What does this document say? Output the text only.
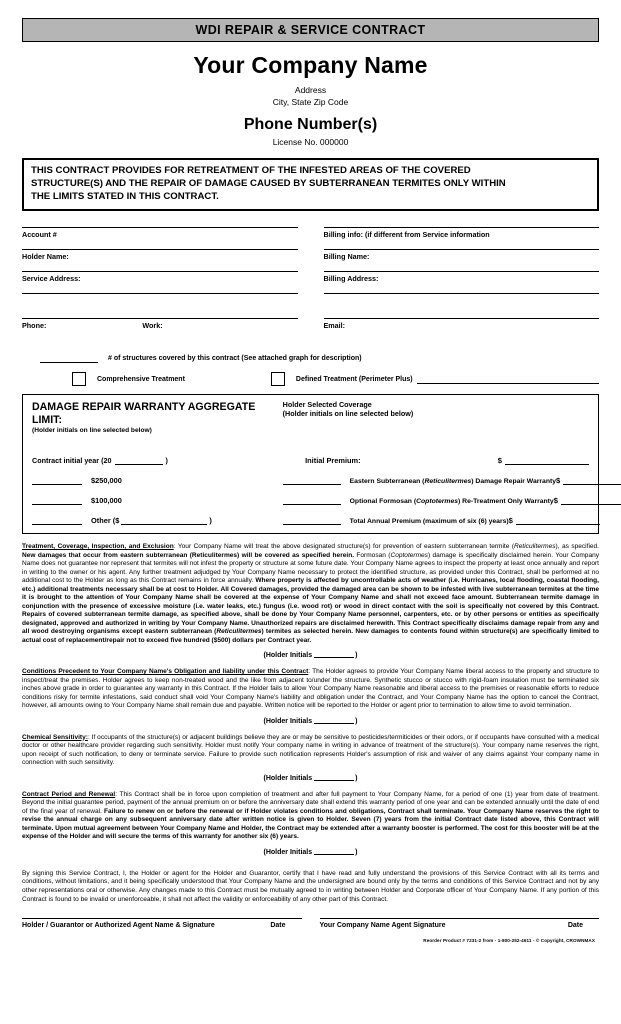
WDI REPAIR & SERVICE CONTRACT
Your Company Name
Address
City, State Zip Code
Phone Number(s)
License No. 000000
THIS CONTRACT PROVIDES FOR RETREATMENT OF THE INFESTED AREAS OF THE COVERED
STRUCTURE(S) AND THE REPAIR OF DAMAGE CAUSED BY SUBTERRANEAN TERMITES ONLY WITHIN
THE LIMITS STATED IN THIS CONTRACT.
Account #
Holder Name:
Service Address:
Phone:	Work:
Billing info: (if different from Service information
Billing Name:
Billing Address:
Email:
# of structures covered by this contract (See attached graph for description)
Comprehensive Treatment	Defined Treatment (Perimeter Plus)
DAMAGE REPAIR WARRANTY AGGREGATE LIMIT:
(Holder initials on line selected below)
Holder Selected Coverage
(Holder initials on line selected below)
Contract initial year (20	)	Initial Premium:	$
$250,000	Eastern Subterranean (Reticulitermes) Damage Repair Warranty $
$100,000	Optional Formosan (Coptotermes) Re-Treatment Only Warranty $
Other ($	)	Total Annual Premium (maximum of six (6) years) $
Treatment, Coverage, Inspection, and Exclusion: Your Company Name will treat the above designated structure(s) for prevention of eastern subterranean termite (Reticulitermes), as specified. New damages that occur from eastern subterranean (Reticulitermes) will be covered as specified herein. Formosan (Coptotermes) damage is specifically disclaimed herein. Your Company Name does not guarantee nor represent that termites will not infest the property or structure at some future date. Your Company Name agrees to inspect the property at least once annually and report in writing to the owner or his agent. Any further treatment adjudged by Your Company Name necessary to protect the identified structure, as provided under this Contract, shall be performed at no additional cost to the Holder as long as this Contract remains in force annually. Where property is affected by uncontrollable acts of weather (i.e. Hurricanes, local flooding, coastal flooding, etc.) additional treatments necessary shall be at cost to Holder. All Covered damages, provided the damaged area can be shown to be infested with live subterranean termites at the time it is brought to the attention of Your Company Name shall be covered at the expense of Your Company Name and shall not exceed face amount. Subterranean termite damage in conjunction with the presence of excessive moisture (i.e. water leaks, etc.) fungus (i.e. wood rot) or wood in direct contact with the soil is specifically not covered by this Contract. Repairs of covered subterranean termite damage, as specified above, shall be done by Your Company Name personnel, carpenters, etc. or by other persons or entities as specifically designated, approved and authorized in writing by Your Company Name. Unauthorized repairs are disclaimed herewith. This Contract specifically disclaims damage repair from any and all wood destroying organisms except eastern subterranean (Reticulitermes) termites as selected herein. New damages to contents found within structure(s) are specifically limited to actual cost of replacement/repair not to exceed five hundred ($500) dollars per Contract year.
(Holder Initials	)
Conditions Precedent to Your Company Name's Obligation and liability under this Contract: The Holder agrees to provide Your Company Name liberal access to the property and structure to inspect/treat the premises. Holder agrees to keep non-treated wood and the like from adjacent to/under the structure. Synthetic stucco or stucco with rigid-foam insulation must be terminated six inches above grade in order to guarantee any warranty in this Contract. If the Holder fails to allow Your Company Name reasonable and liberal access to the premises or reasonable efforts to reduce conditions risky for termite infestations, said conduct shall void Your Company Name's liability and obligation under the Contract, and Your Company Name has the option to cancel the Contract, however, all amounts owing to Your Company Name shall remain due and payable. Written notice will be reported to the Holder or agent prior to termination to allow time to avoid termination.
(Holder Initials	)
Chemical Sensitivity:: If occupants of the structure(s) or adjacent buildings believe they are or may be sensitive to pesticides/termiticides or their odors, or if occupants have consulted with a medical doctor or other healthcare provider regarding such sensitivity. Holder must notify Your company name in writing in advance of treatment of the structure(s). Your company name reserves the right, upon receipt of such notification, to deny or terminate service. Failure to provide such notification represents Holder's assumption of risk and waiver of any claims against Your company name in connection with such sensitivity.
(Holder Initials	)
Contract Period and Renewal: This Contract shall be in force upon completion of treatment and after full payment to Your Company Name, for a period of one (1) year from date of treatment. Beyond the initial guarantee period, payment of the annual premium on or before the anniversary date shall extend this warranty period of one year and can be extended annually until the date of end of the final year of renewal. Failure to renew on or before the renewal or if Holder violates conditions and obligations, Contract shall terminate. Your Company Name reserves the right to revise the annual charge on any subsequent anniversary date after written notice is given to Holder. Seven (7) years from the initial Contract date listed above, this Contract will terminate. Upon mutual agreement between Your Company Name and Holder, the Contract may be extended after a warranty booster is performed. The cost for this booster will be at the expense of the Holder and will secure the terms of this warranty for another six (6) years.
(Holder Initials	)
By signing this Service Contract, I, the Holder or agent for the Holder and Guarantor, certify that I have read and fully understand the provisions of this Service Contract with all its terms and conditions, without limitations, and it being specifically understood that Your Company Name and the undersigned are bound only by the terms and conditions of this Service Contract and not by any other representations oral or otherwise. Any changes made to this Contract must be mutually agreed to in writing between Holder and Corporate officer of Your Company Name. If any portion of this Contract is found to be invalid or unenforceable, it shall not affect the validity or enforceability of any other part of this Contract.
Holder / Guarantor or Authorized Agent Name & Signature	Date	Your Company Name Agent Signature	Date
Reorder Product # 7231-2 from - 1-800-252-4611 - © Copyright, CROWNMAX
